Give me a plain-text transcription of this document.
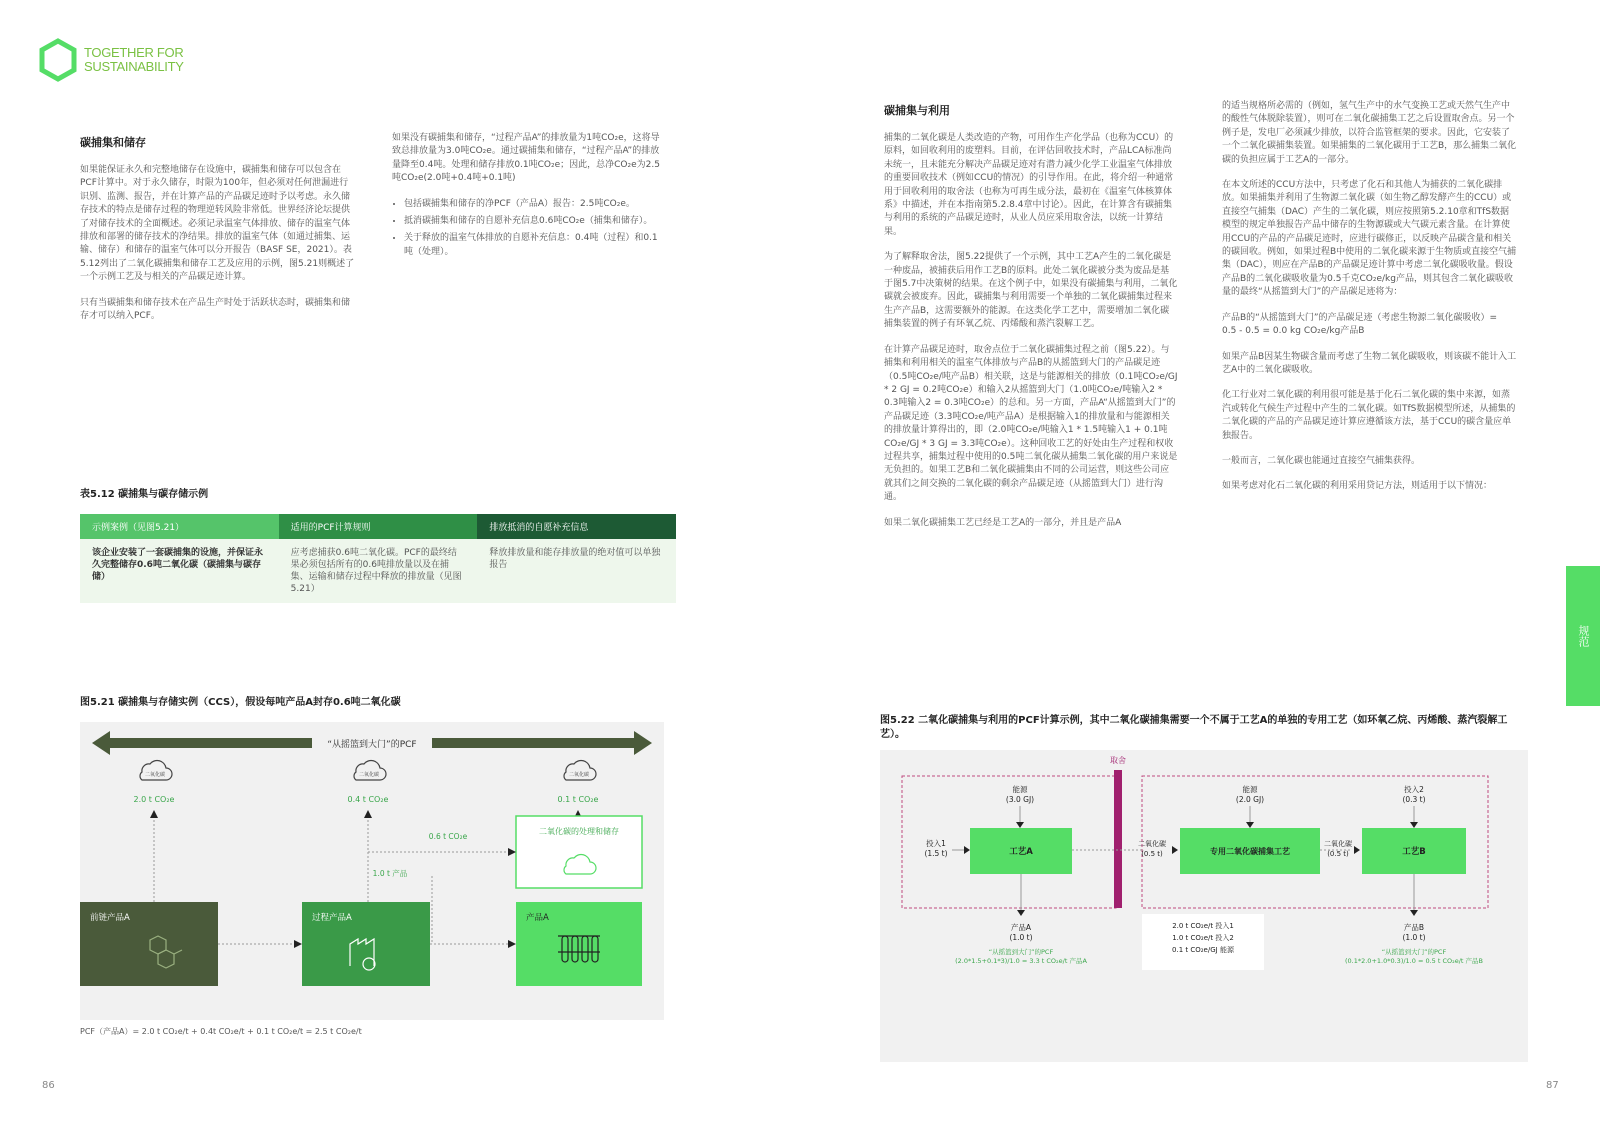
TOGETHER FOR
SUSTAINABILITY
碳捕集和储存

如果能保证永久和完整地储存在设施中，碳捕集和储存可以包含在PCF计算中。对于永久储存，时限为100年，但必须对任何泄漏进行识别、监测、报告，并在计算产品的产品碳足迹时予以考虑。永久储存技术的特点是储存过程的物理逆转风险非常低。世界经济论坛提供了对储存技术的全面概述。必须记录温室气体排放、储存的温室气体排放和部署的储存技术的净结果。排放的温室气体（如通过捕集、运输、储存）和储存的温室气体可以分开报告（BASF SE，2021）。表5.12列出了二氧化碳捕集和储存工艺及应用的示例，图5.21则概述了一个示例工艺及与相关的产品碳足迹计算。

只有当碳捕集和储存技术在产品生产时处于活跃状态时，碳捕集和储存才可以纳入PCF。

如果没有碳捕集和储存，“过程产品A”的排放量为1吨CO₂e，这将导致总排放量为3.0吨CO₂e。通过碳捕集和储存，“过程产品A”的排放量降至0.4吨。处理和储存排放0.1吨CO₂e；因此，总净CO₂e为2.5吨CO₂e(2.0吨+0.4吨+0.1吨)

• 包括碳捕集和储存的净PCF（产品A）报告：2.5吨CO₂e。
• 抵消碳捕集和储存的自愿补充信息0.6吨CO₂e（捕集和储存）。
• 关于释放的温室气体排放的自愿补充信息：0.4吨（过程）和0.1吨（处理）。
表5.12 碳捕集与碳存储示例
示例案例（见图5.21）	适用的PCF计算规则	排放抵消的自愿补充信息
该企业安装了一套碳捕集的设施，并保证永久完整储存0.6吨二氧化碳（碳捕集与碳存储）	应考虑捕获0.6吨二氧化碳。PCF的最终结果必须包括所有的0.6吨排放量以及在捕集、运输和储存过程中释放的排放量（见图5.21）	释放排放量和能存排放量的绝对值可以单独报告
图5.21 碳捕集与存储实例（CCS），假设每吨产品A封存0.6吨二氧化碳
“从摇篮到大门”的PCF
二氧化碳	二氧化碳	二氧化碳
2.0 t CO₂e	0.4 t CO₂e	0.1 t CO₂e
二氧化碳的处理和储存
0.6 t CO₂e
1.0 t 产品
前链产品A	过程产品A	产品A
PCF（产品A）= 2.0 t CO₂e/t + 0.4t CO₂e/t + 0.1 t CO₂e/t = 2.5 t CO₂e/t
86
碳捕集与利用

捕集的二氧化碳是人类改造的产物，可用作生产化学品（也称为CCU）的原料，如回收利用的废塑料。目前，在评估回收技术时，产品LCA标准尚未统一，且未能充分解决产品碳足迹对有潜力减少化学工业温室气体排放的重要回收技术（例如CCU的情况）的引导作用。在此，将介绍一种通常用于回收利用的取舍法（也称为可再生成分法，最初在《温室气体核算体系》中描述，并在本指南第5.2.8.4章中讨论）。因此，在计算含有碳捕集与利用的系统的产品碳足迹时，从业人员应采用取舍法，以统一计算结果。

为了解释取舍法，图5.22提供了一个示例，其中工艺A产生的二氧化碳是一种废品，被捕获后用作工艺B的原料。此处二氧化碳被分类为废品是基于图5.7中决策树的结果。在这个例子中，如果没有碳捕集与利用，二氧化碳就会被废弃。因此，碳捕集与利用需要一个单独的二氧化碳捕集过程来生产产品B，这需要额外的能源。在这类化学工艺中，需要增加二氧化碳捕集装置的例子有环氧乙烷、丙烯酸和蒸汽裂解工艺。

在计算产品碳足迹时，取舍点位于二氧化碳捕集过程之前（图5.22）。与捕集和利用相关的温室气体排放与产品B的从摇篮到大门的产品碳足迹（0.5吨CO₂e/吨产品B）相关联，这是与能源相关的排放（0.1吨CO₂e/GJ * 2 GJ = 0.2吨CO₂e）和输入2从摇篮到大门（1.0吨CO₂e/吨输入2 * 0.3吨输入2 = 0.3吨CO₂e）的总和。另一方面，产品A“从摇篮到大门”的产品碳足迹（3.3吨CO₂e/吨产品A）是根据输入1的排放量和与能源相关的排放量计算得出的，即（2.0吨CO₂e/吨输入1 * 1.5吨输入1 + 0.1吨CO₂e/GJ * 3 GJ = 3.3吨CO₂e）。这种回收工艺的好处由生产过程和权收过程共享，捕集过程中使用的0.5吨二氧化碳从捕集二氧化碳的用户来说是无负担的。如果工艺B和二氧化碳捕集由不同的公司运营，则这些公司应就其们之间交换的二氧化碳的剩余产品碳足迹（从摇篮到大门）进行沟通。

如果二氧化碳捕集工艺已经是工艺A的一部分，并且是产品A

的适当规格所必需的（例如，氢气生产中的水气变换工艺或天然气生产中的酸性气体脱除装置），则可在二氧化碳捕集工艺之后设置取舍点。另一个例子是，发电厂必须减少排放，以符合监管框架的要求。因此，它安装了一个二氧化碳捕集装置。如果捕集的二氧化碳用于工艺B，那么捕集二氧化碳的负担应属于工艺A的一部分。

在本文所述的CCU方法中，只考虑了化石和其他人为捕获的二氧化碳排放。如果捕集并利用了生物源二氧化碳（如生物乙醇发酵产生的CCU）或直接空气捕集（DAC）产生的二氧化碳，则应按照第5.2.10章和TfS数据模型的规定单独报告产品中储存的生物源碳或大气碳元素含量。在计算使用CCU的产品的产品碳足迹时，应进行碳修正，以反映产品碳含量和相关的碳回收。例如，如果过程B中使用的二氧化碳来源于生物质或直接空气捕集（DAC），则应在产品B的产品碳足迹计算中考虑二氧化碳吸收量。假设产品B的二氧化碳吸收量为0.5千克CO₂e/kg产品，则其包含二氧化碳吸收量的最终“从摇篮到大门”的产品碳足迹将为：

产品B的“从摇篮到大门”的产品碳足迹（考虑生物源二氧化碳吸收）=

0.5 - 0.5 = 0.0 kg CO₂e/kg产品B

如果产品B因某生物碳含量而考虑了生物二氧化碳吸收，则该碳不能计入工艺A中的二氧化碳吸收。

化工行业对二氧化碳的利用很可能是基于化石二氧化碳的集中来源，如蒸汽或转化气候生产过程中产生的二氧化碳。如TfS数据模型所述，从捕集的二氧化碳的产品的产品碳足迹计算应遵循该方法，基于CCU的碳含量应单独报告。

一般而言，二氧化碳也能通过直接空气捕集获得。

如果考虑对化石二氧化碳的利用采用贷记方法，则适用于以下情况：

规范
图5.22 二氧化碳捕集与利用的PCF计算示例，其中二氧化碳捕集需要一个不属于工艺A的单独的专用工艺（如环氧乙烷、丙烯酸、蒸汽裂解工艺）。
取舍
能源
(3.0 GJ)
投入1
(1.5 t)	工艺A
产品A
(1.0 t)
“从摇篮到大门”的PCF
(2.0*1.5+0.1*3)/1.0 = 3.3 t CO₂e/t 产品A
二氧化碳
(0.5 t)
能源
(2.0 GJ)
专用二氧化碳捕集工艺
二氧化碳
(0.5 t)
投入2
(0.3 t)
工艺B
产品B
(1.0 t)
“从摇篮到大门”的PCF
(0.1*2.0+1.0*0.3)/1.0 = 0.5 t CO₂e/t 产品B
2.0 t CO₂e/t 投入1
1.0 t CO₂e/t 投入2
0.1 t CO₂e/GJ 能源
87
